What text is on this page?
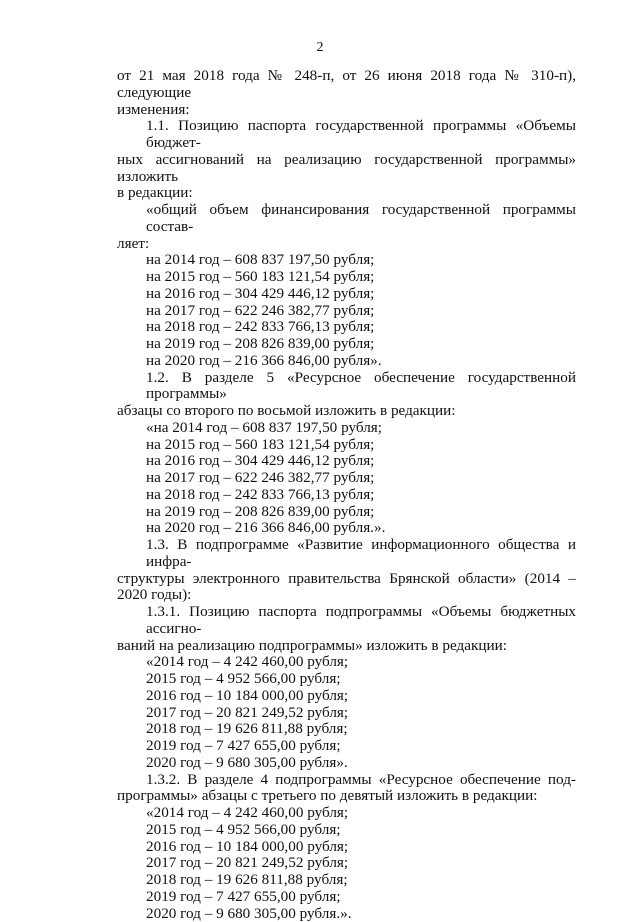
2
от 21 мая 2018 года № 248-п, от 26 июня 2018 года № 310-п), следующие
изменения:
1.1. Позицию паспорта государственной программы «Объемы бюджет-
ных ассигнований на реализацию государственной программы» изложить
в редакции:
«общий объем финансирования государственной программы состав-
ляет:
на 2014 год – 608 837 197,50 рубля;
на 2015 год – 560 183 121,54 рубля;
на 2016 год – 304 429 446,12 рубля;
на 2017 год – 622 246 382,77 рубля;
на 2018 год – 242 833 766,13 рубля;
на 2019 год – 208 826 839,00 рубля;
на 2020 год – 216 366 846,00 рубля».
1.2. В разделе 5 «Ресурсное обеспечение государственной программы»
абзацы со второго по восьмой изложить в редакции:
«на 2014 год – 608 837 197,50 рубля;
на 2015 год – 560 183 121,54 рубля;
на 2016 год – 304 429 446,12 рубля;
на 2017 год – 622 246 382,77 рубля;
на 2018 год – 242 833 766,13 рубля;
на 2019 год – 208 826 839,00 рубля;
на 2020 год – 216 366 846,00 рубля.».
1.3. В подпрограмме «Развитие информационного общества и инфра-
структуры электронного правительства Брянской области» (2014 –
2020 годы):
1.3.1. Позицию паспорта подпрограммы «Объемы бюджетных ассигно-
ваний на реализацию подпрограммы» изложить в редакции:
«2014 год – 4 242 460,00 рубля;
2015 год – 4 952 566,00 рубля;
2016 год – 10 184 000,00 рубля;
2017 год – 20 821 249,52 рубля;
2018 год – 19 626 811,88 рубля;
2019 год – 7 427 655,00 рубля;
2020 год – 9 680 305,00 рубля».
1.3.2. В разделе 4 подпрограммы «Ресурсное обеспечение под-
программы» абзацы с третьего по девятый изложить в редакции:
«2014 год – 4 242 460,00 рубля;
2015 год – 4 952 566,00 рубля;
2016 год – 10 184 000,00 рубля;
2017 год – 20 821 249,52 рубля;
2018 год – 19 626 811,88 рубля;
2019 год – 7 427 655,00 рубля;
2020 год – 9 680 305,00 рубля.».
